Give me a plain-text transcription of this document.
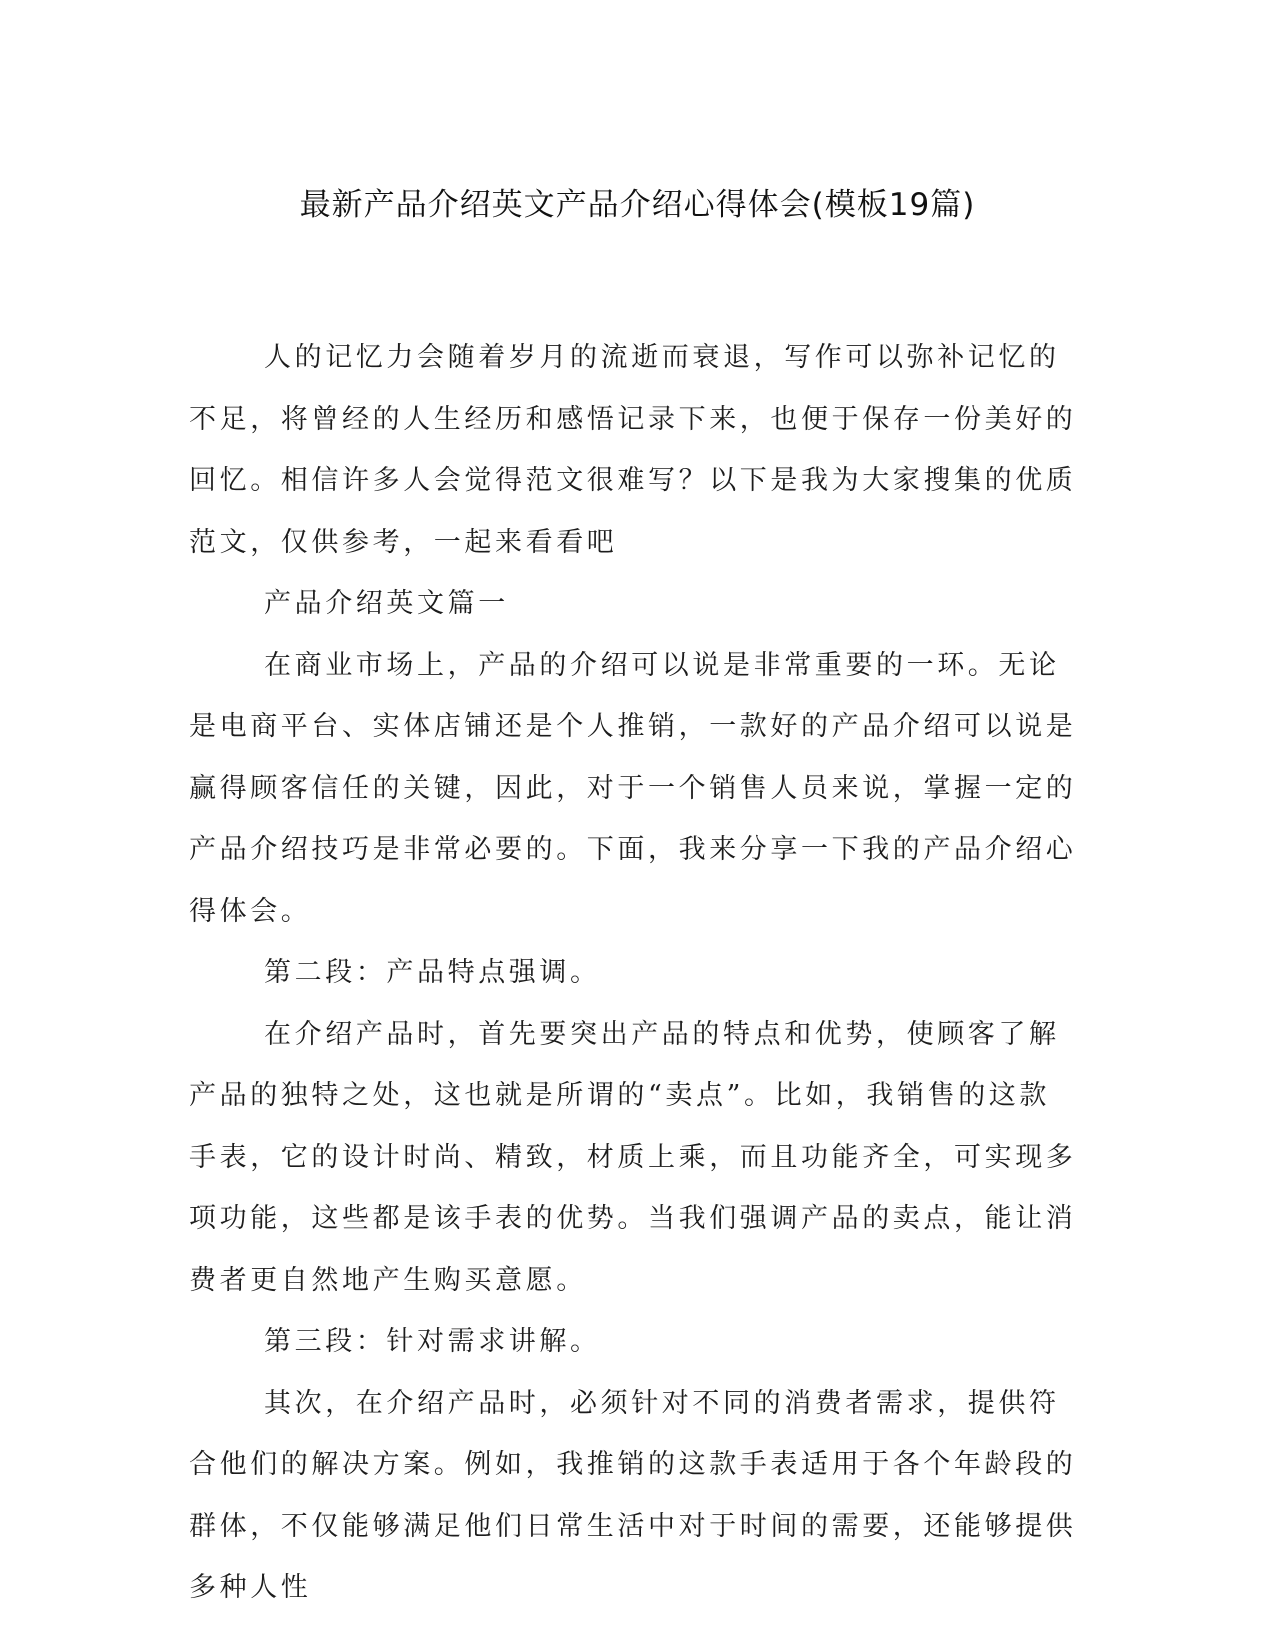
最新产品介绍英文产品介绍心得体会(模板19篇)

人的记忆力会随着岁月的流逝而衰退，写作可以弥补记忆的不足，将曾经的人生经历和感悟记录下来，也便于保存一份美好的回忆。相信许多人会觉得范文很难写？以下是我为大家搜集的优质范文，仅供参考，一起来看看吧

产品介绍英文篇一

在商业市场上，产品的介绍可以说是非常重要的一环。无论是电商平台、实体店铺还是个人推销，一款好的产品介绍可以说是赢得顾客信任的关键，因此，对于一个销售人员来说，掌握一定的产品介绍技巧是非常必要的。下面，我来分享一下我的产品介绍心得体会。

第二段：产品特点强调。

在介绍产品时，首先要突出产品的特点和优势，使顾客了解产品的独特之处，这也就是所谓的“卖点”。比如，我销售的这款手表，它的设计时尚、精致，材质上乘，而且功能齐全，可实现多项功能，这些都是该手表的优势。当我们强调产品的卖点，能让消费者更自然地产生购买意愿。

第三段：针对需求讲解。

其次，在介绍产品时，必须针对不同的消费者需求，提供符合他们的解决方案。例如，我推销的这款手表适用于各个年龄段的群体，不仅能够满足他们日常生活中对于时间的需要，还能够提供多种人性
